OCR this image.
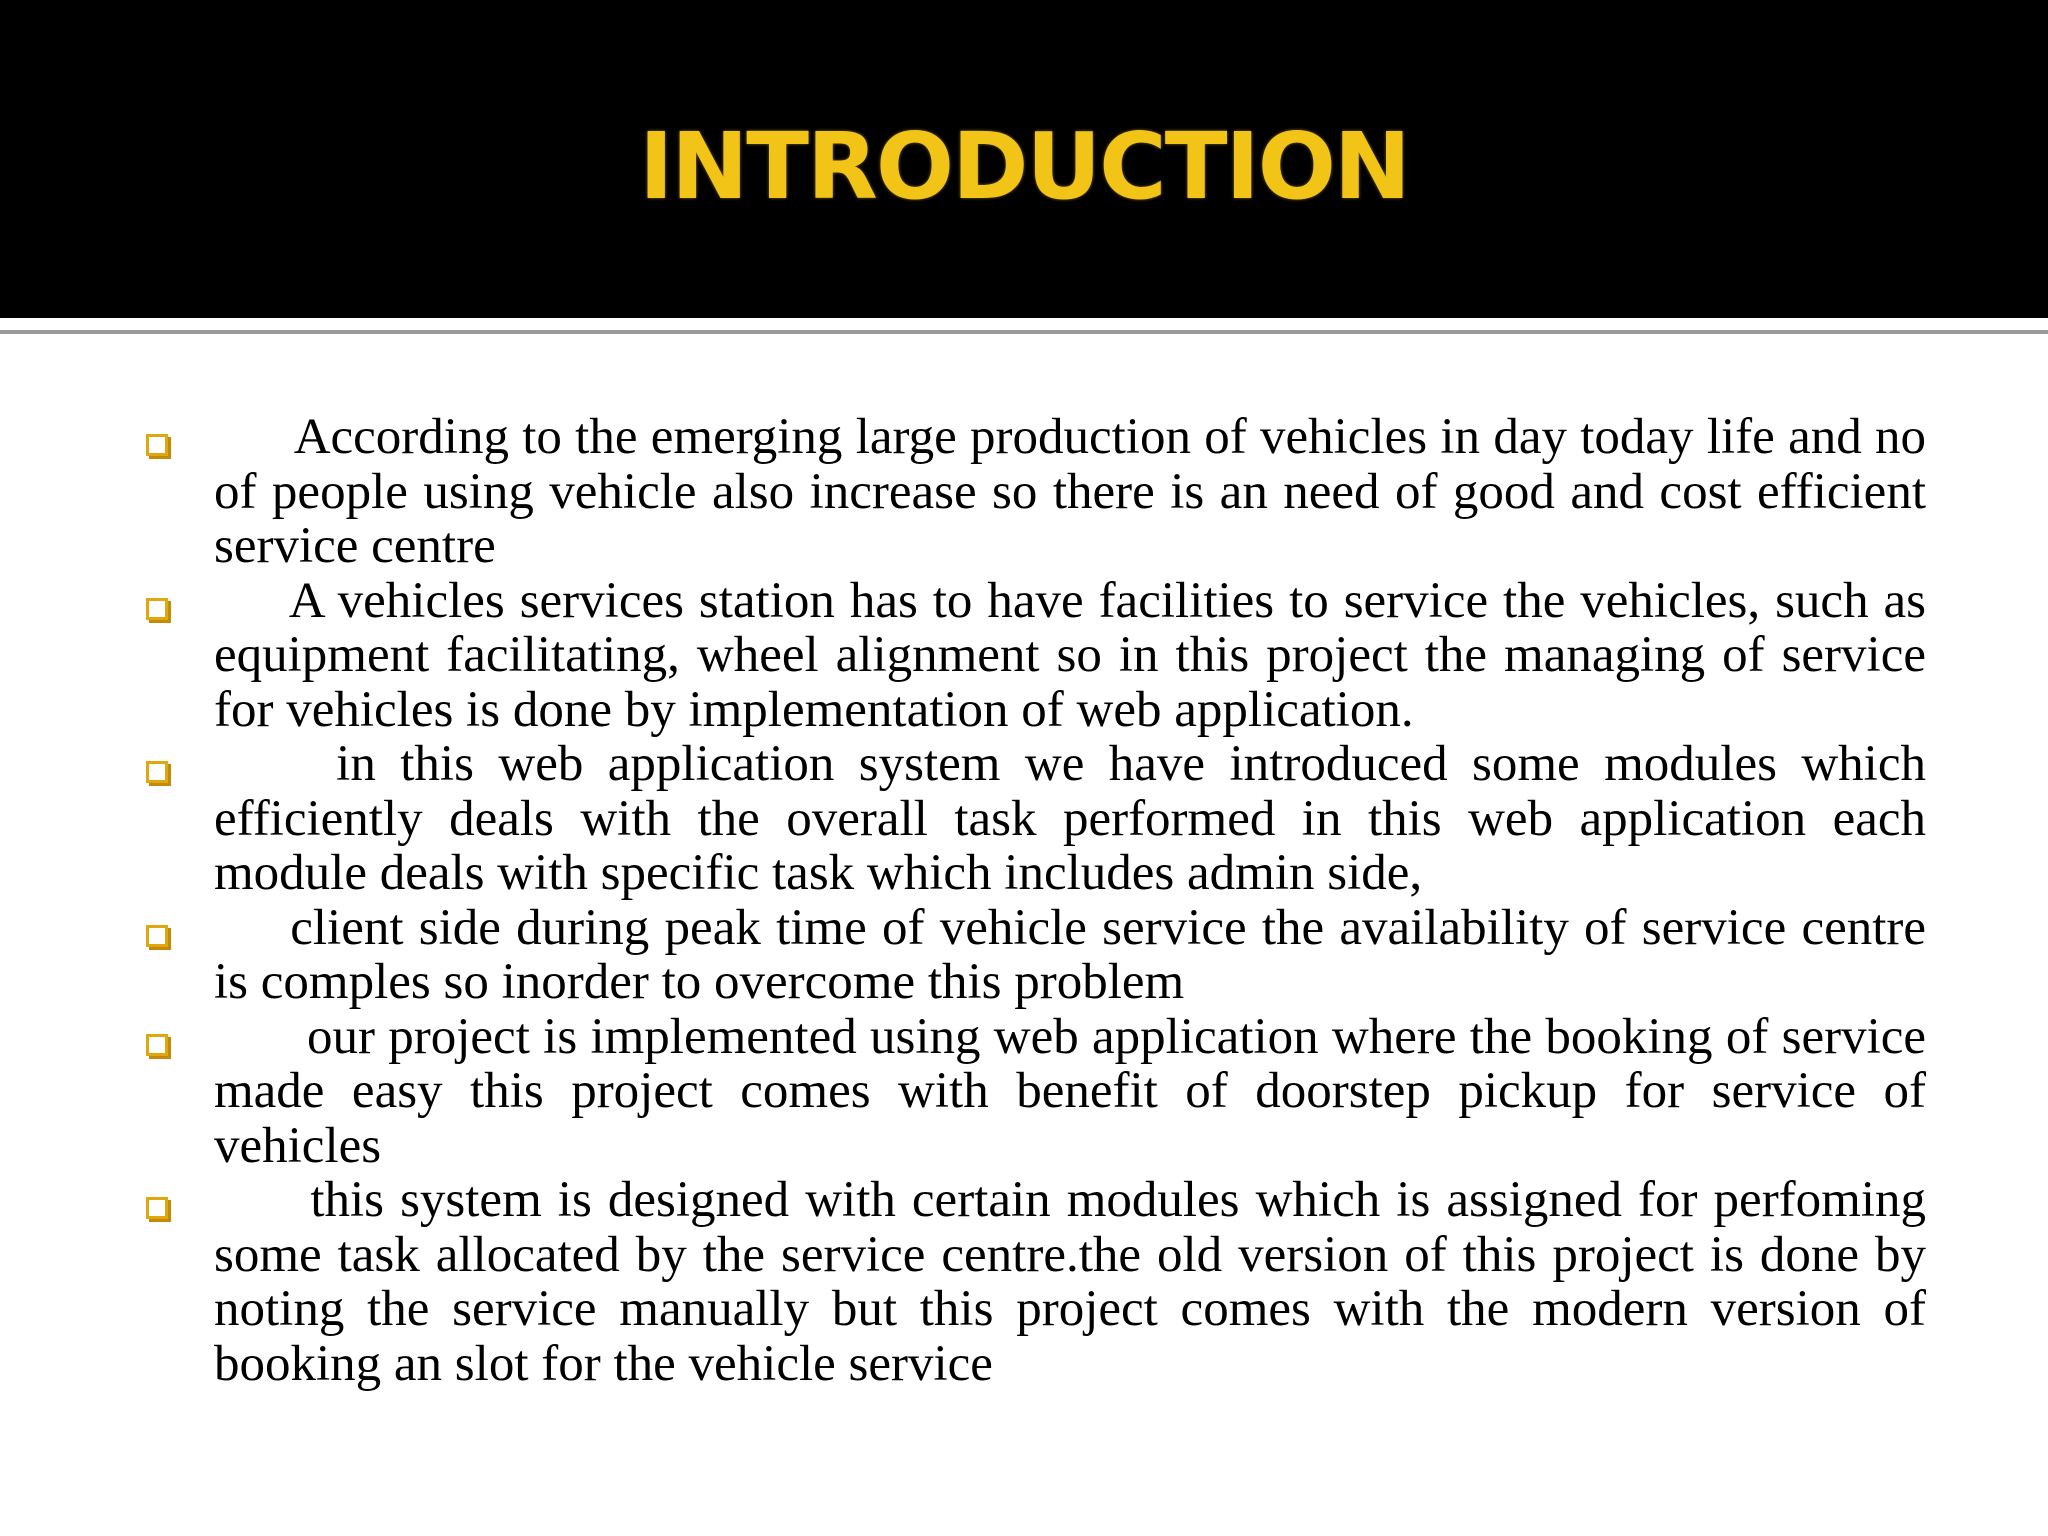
INTRODUCTION
According to the emerging large production of vehicles in day today life and no of people using vehicle also increase so there is an need of good and cost efficient service centre
A vehicles services station has to have facilities to service the vehicles, such as  equipment facilitating, wheel alignment so in this project the managing of service for vehicles is done by implementation of web application.
in this web application system we have introduced some modules which efficiently deals with the overall task performed in this web application each module deals with specific task which includes admin side,
client side during peak time of vehicle service the availability of service centre is comples so inorder to overcome this problem
our project is implemented using web application where the booking of service made easy this project comes with benefit of doorstep pickup for service of vehicles
this system is designed with certain modules which is assigned for perfoming some task allocated by the service centre.the old version of this project is done by noting the service manually but this project comes with the modern version of booking an slot for the vehicle service
